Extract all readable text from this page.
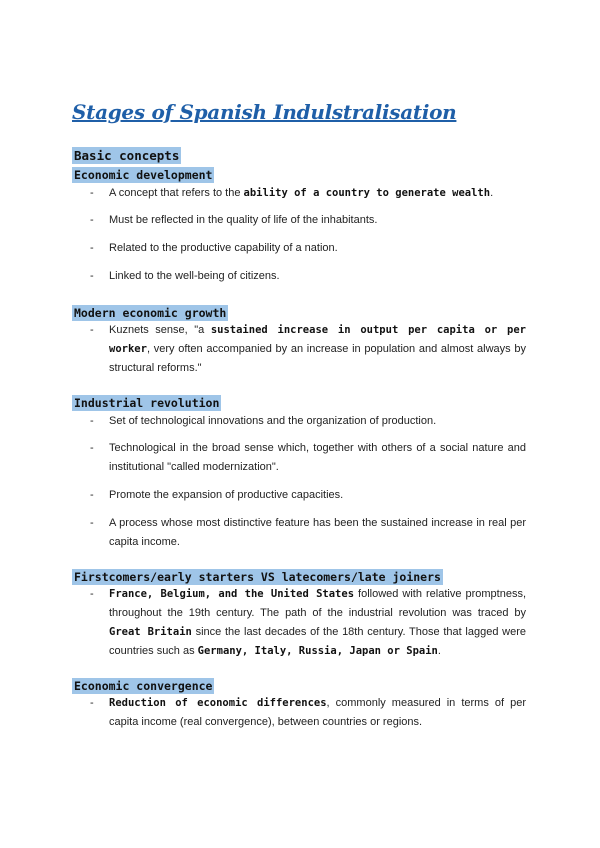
Stages of Spanish Indulstralisation
Basic concepts
Economic development
-	A concept that refers to the ability of a country to generate wealth.
-	Must be reflected in the quality of life of the inhabitants.
-	Related to the productive capability of a nation.
-	Linked to the well-being of citizens.
Modern economic growth
-	Kuznets sense, "a sustained increase in output per capita or per worker, very often accompanied by an increase in population and almost always by structural reforms."
Industrial revolution
-	Set of technological innovations and the organization of production.
-	Technological in the broad sense which, together with others of a social nature and institutional "called modernization".
-	Promote the expansion of productive capacities.
-	A process whose most distinctive feature has been the sustained increase in real per capita income.
Firstcomers/early starters VS latecomers/late joiners
-	France, Belgium, and the United States followed with relative promptness, throughout the 19th century. The path of the industrial revolution was traced by Great Britain since the last decades of the 18th century. Those that lagged were countries such as Germany, Italy, Russia, Japan or Spain.
Economic convergence
-	Reduction of economic differences, commonly measured in terms of per capita income (real convergence), between countries or regions.
